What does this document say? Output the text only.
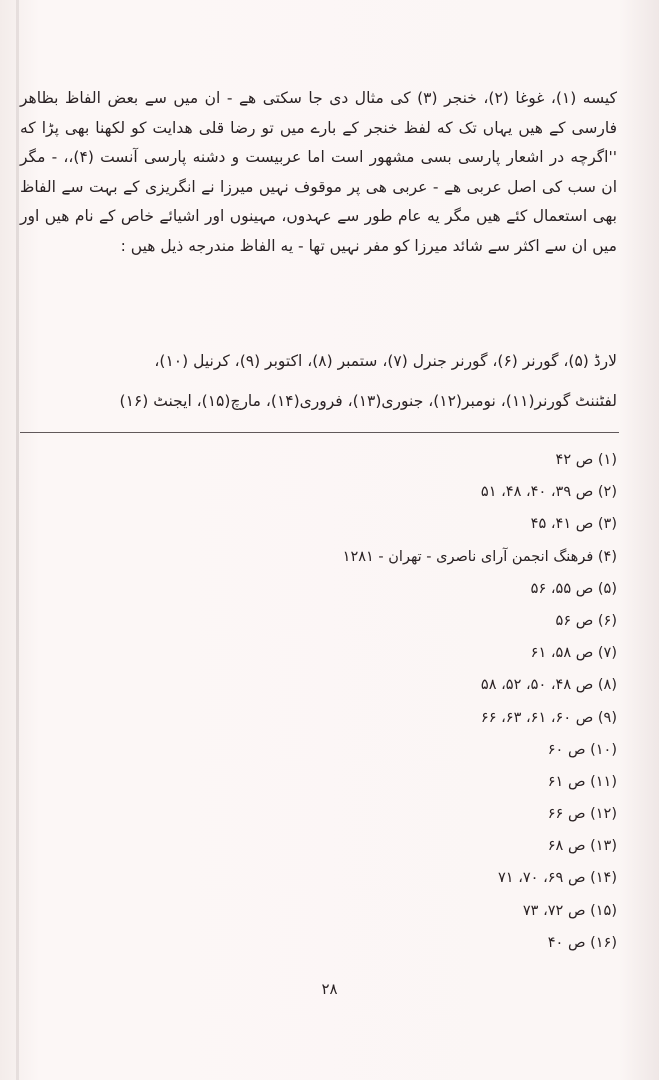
کیسه (۱)، غوغا (۲)، خنجر (۳) کی مثال دی جا سکتی هے - ان میں سے بعض الفاظ بظاهر فارسی کے هیں یہاں تک که لفظ خنجر کے بارے میں تو رضا قلی هدایت کو لکھنا بھی پڑا که ''اگرچه در اشعار پارسی بسی مشهور است اما عربیست و دشنه پارسی آنست (۴)،، - مگر ان سب کی اصل عربی هے - عربی هی پر موقوف نہیں میرزا نے انگریزی کے بہت سے الفاظ بھی استعمال کئے هیں مگر یه عام طور سے عہدوں، مہینوں اور اشیائے خاص کے نام هیں اور میں ان سے اکثر سے شائد میرزا کو مفر نہیں تھا - یه الفاظ مندرجه ذیل هیں :

لارڈ (۵)، گورنر (۶)، گورنر جنرل (۷)، ستمبر (۸)، اکتوبر (۹)، کرنیل (۱۰)،
لفٹننٹ گورنر(۱۱)، نومبر(۱۲)، جنوری(۱۳)، فروری(۱۴)، مارچ(۱۵)، ایجنٹ (۱۶)
(۱) ص ۴۲
(۲) ص ۳۹، ۴۰، ۴۸، ۵۱
(۳) ص ۴۱، ۴۵
(۴) فرهنگ انجمن آرای ناصری - تهران - ۱۲۸۱
(۵) ص ۵۵، ۵۶
(۶) ص ۵۶
(۷) ص ۵۸، ۶۱
(۸) ص ۴۸، ۵۰، ۵۲، ۵۸
(۹) ص ۶۰، ۶۱، ۶۳، ۶۶
(۱۰) ص ۶۰
(۱۱) ص ۶۱
(۱۲) ص ۶۶
(۱۳) ص ۶۸
(۱۴) ص ۶۹، ۷۰، ۷۱
(۱۵) ص ۷۲، ۷۳
(۱۶) ص ۴۰
۲۸
